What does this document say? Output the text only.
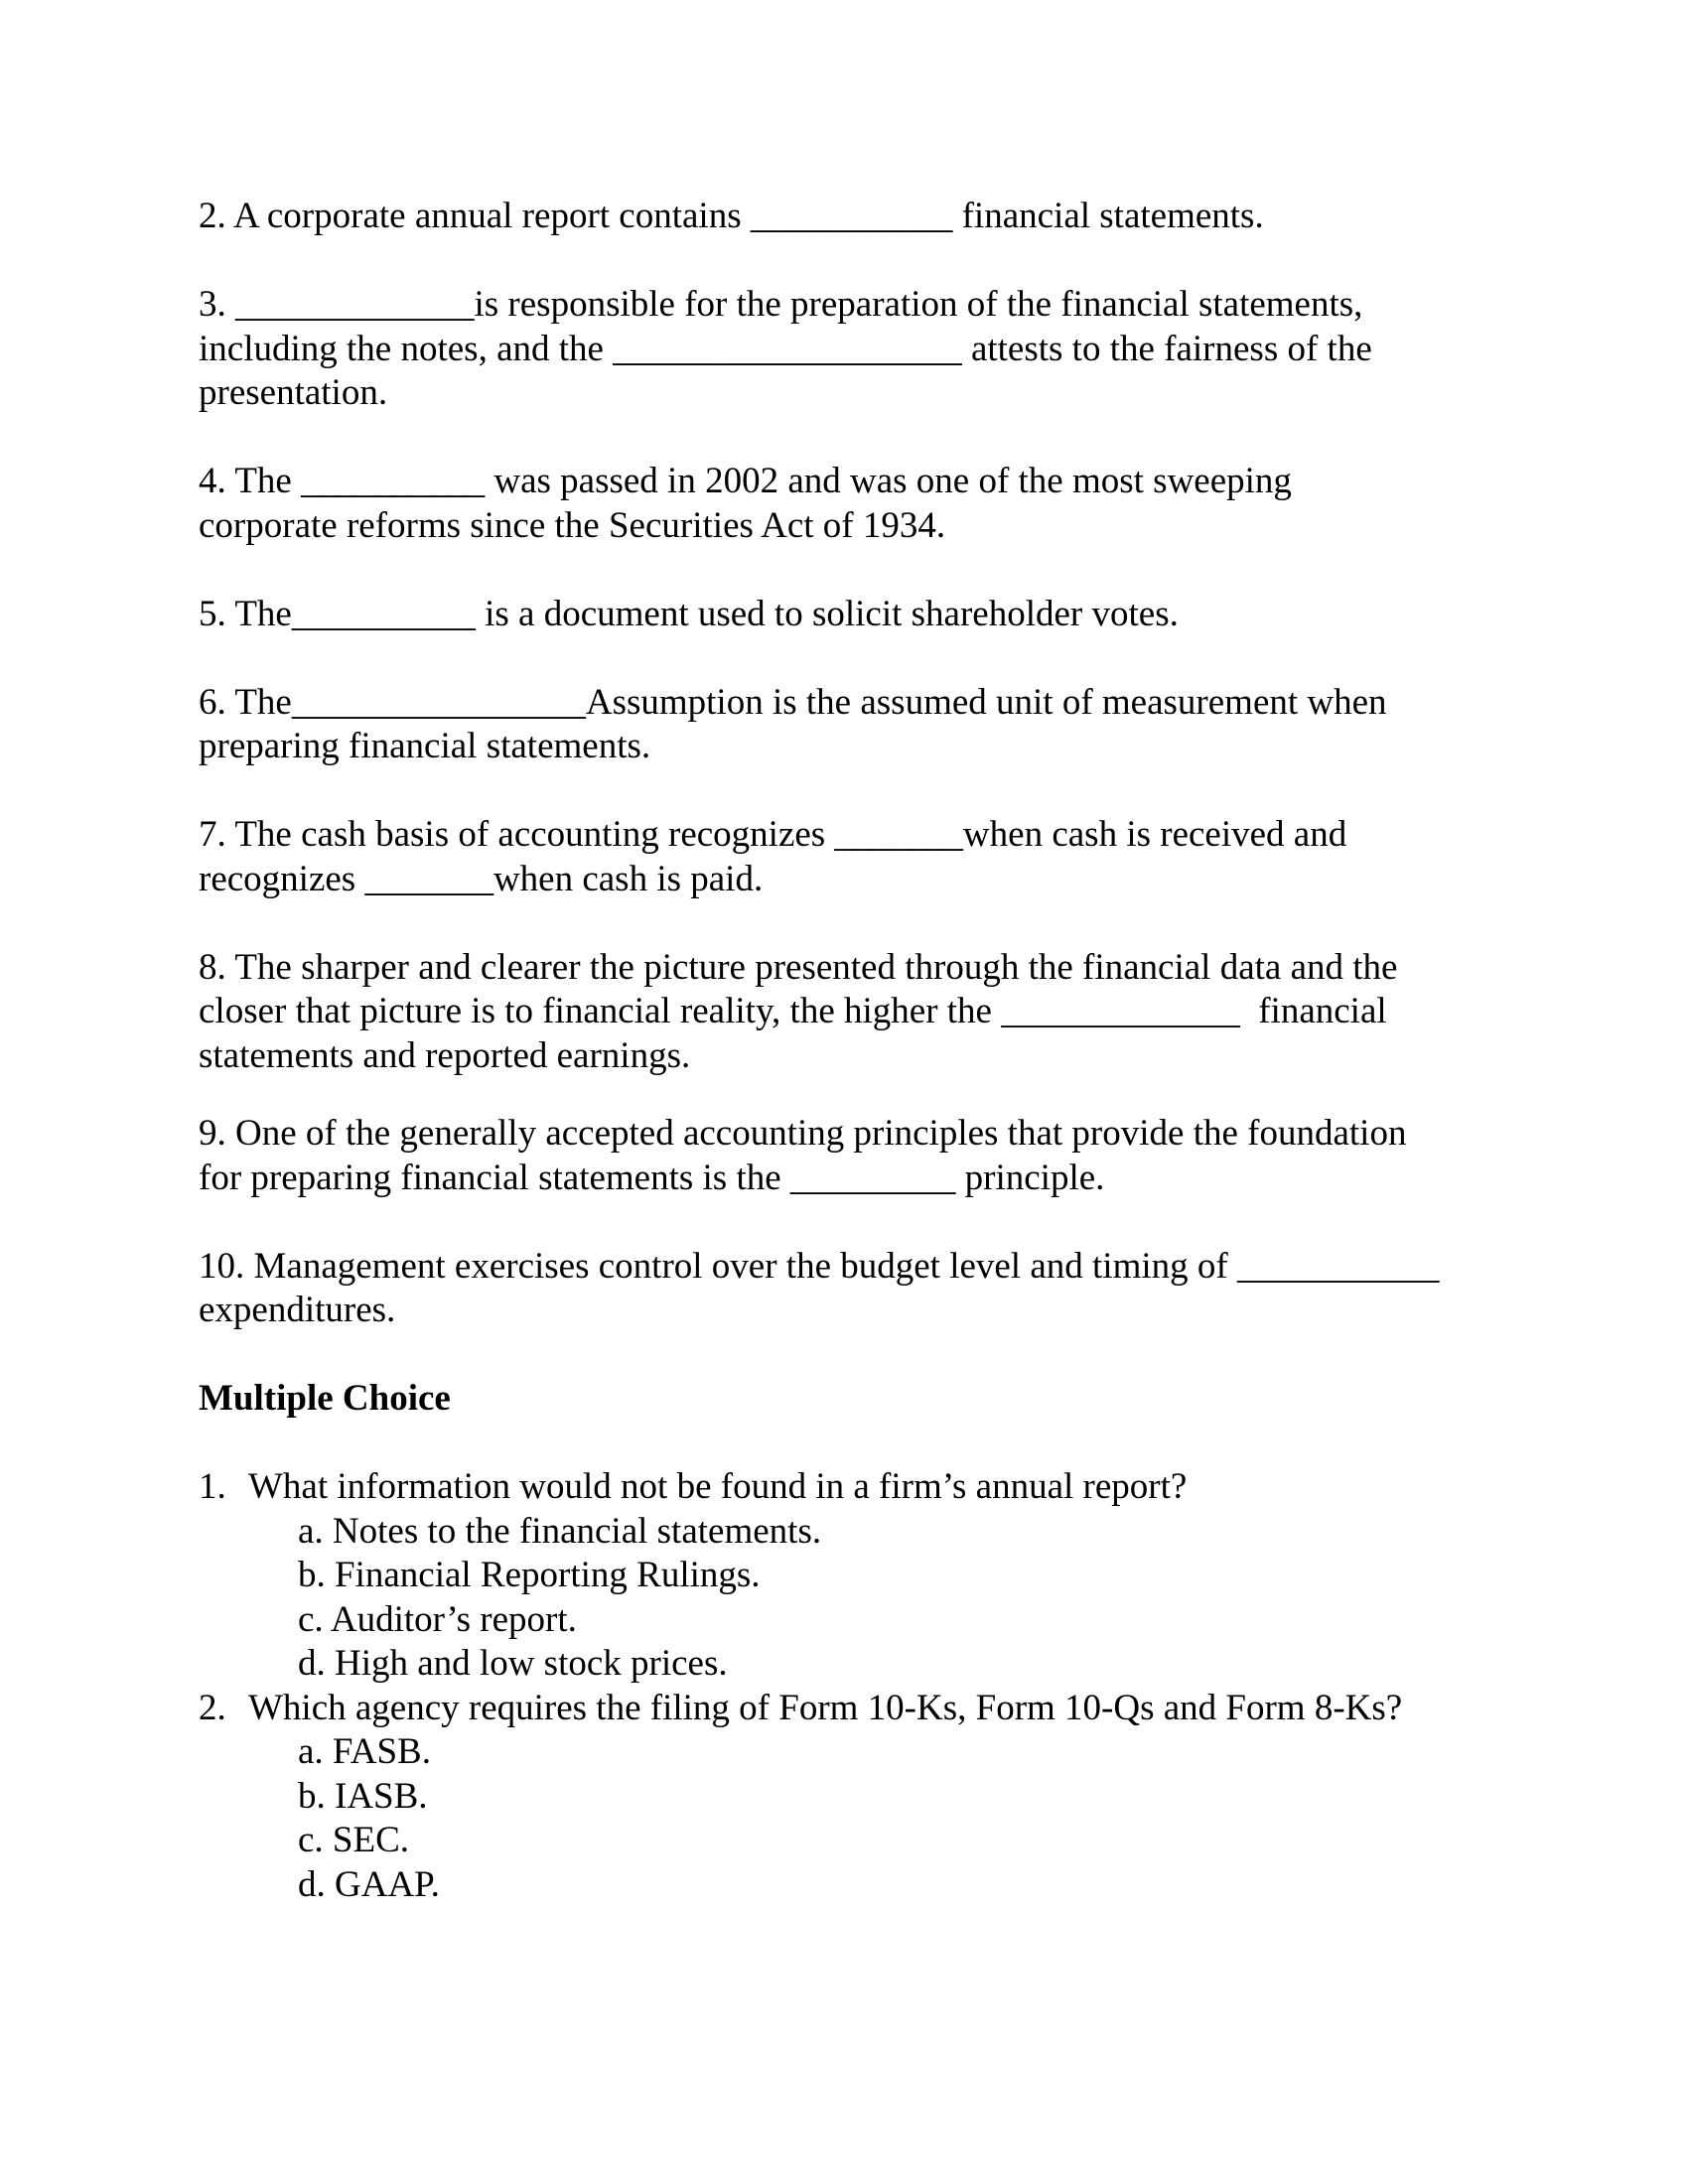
2. A corporate annual report contains ___________ financial statements.

3. _____________is responsible for the preparation of the financial statements,
including the notes, and the ___________________ attests to the fairness of the
presentation.

4. The __________ was passed in 2002 and was one of the most sweeping
corporate reforms since the Securities Act of 1934.

5. The__________ is a document used to solicit shareholder votes.

6. The________________Assumption is the assumed unit of measurement when
preparing financial statements.

7. The cash basis of accounting recognizes _______when cash is received and
recognizes _______when cash is paid.

8. The sharper and clearer the picture presented through the financial data and the
closer that picture is to financial reality, the higher the _____________  financial
statements and reported earnings.

9. One of the generally accepted accounting principles that provide the foundation
for preparing financial statements is the _________ principle.

10. Management exercises control over the budget level and timing of ___________
expenditures.

Multiple Choice

1. What information would not be found in a firm’s annual report?
a. Notes to the financial statements.
b. Financial Reporting Rulings.
c. Auditor’s report.
d. High and low stock prices.
2. Which agency requires the filing of Form 10-Ks, Form 10-Qs and Form 8-Ks?
a. FASB.
b. IASB.
c. SEC.
d. GAAP.
